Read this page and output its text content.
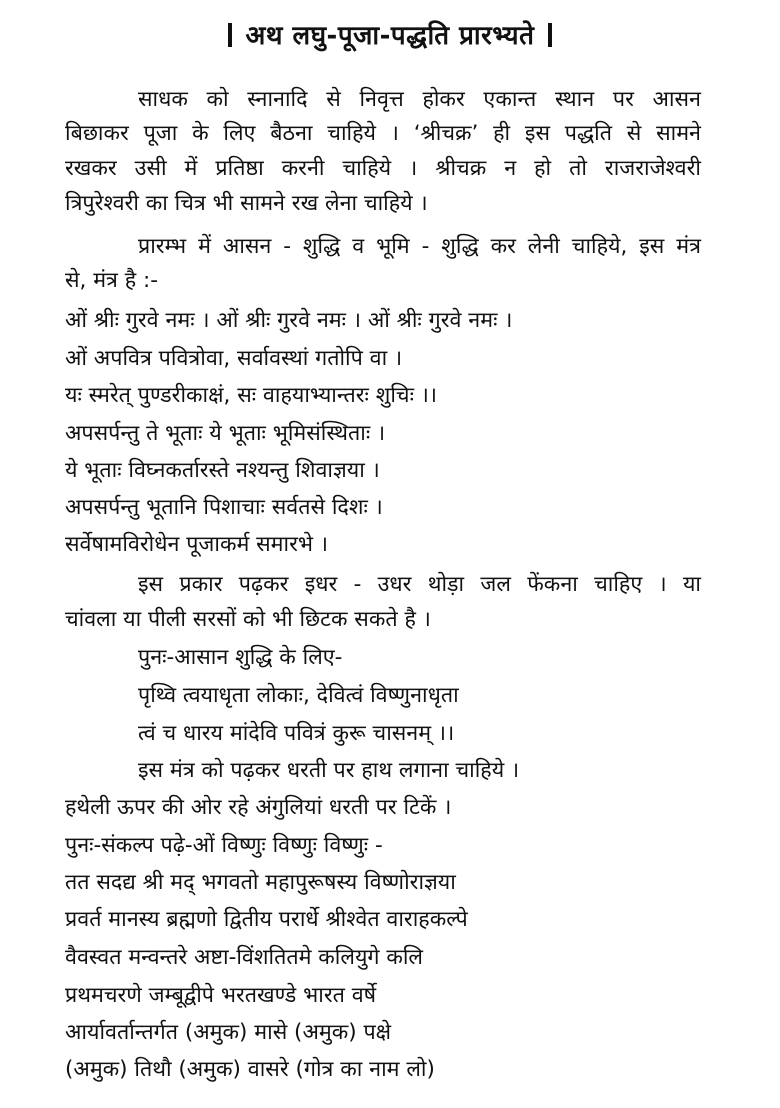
अथ लघु-पूजा-पद्धति प्रारभ्यते
साधक को स्नानादि से निवृत्त होकर एकान्त स्थान पर आसन
बिछाकर पूजा के लिए बैठना चाहिये । ‘श्रीचक्र’ ही इस पद्धति से सामने
रखकर उसी में प्रतिष्ठा करनी चाहिये । श्रीचक्र न हो तो राजराजेश्वरी
त्रिपुरेश्वरी का चित्र भी सामने रख लेना चाहिये ।
प्रारम्भ में आसन - शुद्धि व भूमि - शुद्धि कर लेनी चाहिये, इस मंत्र
से, मंत्र है :-
ओं श्रीः गुरवे नमः । ओं श्रीः गुरवे नमः । ओं श्रीः गुरवे नमः ।
ओं अपवित्र पवित्रोवा, सर्वावस्थां गतोपि वा ।
यः स्मरेत् पुण्डरीकाक्षं, सः वाहयाभ्यान्तरः शुचिः ।।
अपसर्पन्तु ते भूताः ये भूताः भूमिसंस्थिताः ।
ये भूताः विघ्नकर्तारस्ते नश्यन्तु शिवाज्ञया ।
अपसर्पन्तु भूतानि पिशाचाः सर्वतसे दिशः ।
सर्वेषामविरोधेन पूजाकर्म समारभे ।
इस प्रकार पढ़कर इधर - उधर थोड़ा जल फेंकना चाहिए । या
चांवला या पीली सरसों को भी छिटक सकते है ।
पुनः-आसान शुद्धि के लिए-
पृथ्वि त्वयाधृता लोकाः, देवित्वं विष्णुनाधृता
त्वं च धारय मांदेवि पवित्रं कुरू चासनम् ।।
इस मंत्र को पढ़कर धरती पर हाथ लगाना चाहिये ।
हथेली ऊपर की ओर रहे अंगुलियां धरती पर टिकें ।
पुनः-संकल्प पढ़े-ओं विष्णुः विष्णुः विष्णुः -
तत सदद्य श्री मद् भगवतो महापुरूषस्य विष्णोराज्ञया
प्रवर्त मानस्य ब्रह्मणो द्वितीय परार्धे श्रीश्वेत वाराहकल्पे
वैवस्वत मन्वन्तरे अष्टा-विंशतितमे कलियुगे कलि
प्रथमचरणे जम्बूद्वीपे भरतखण्डे भारत वर्षे
आर्यावर्तान्तर्गत (अमुक) मासे (अमुक) पक्षे
(अमुक) तिथौ (अमुक) वासरे (गोत्र का नाम लो)
